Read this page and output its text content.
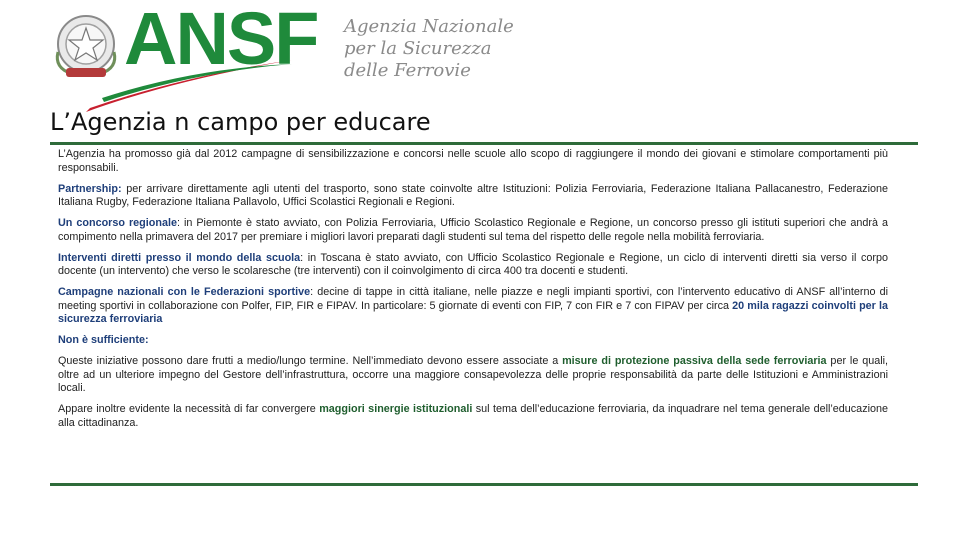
ANSF Agenzia Nazionale
per la Sicurezza
delle Ferrovie
L’Agenzia n campo per educare

L’Agenzia ha promosso già dal 2012 campagne di sensibilizzazione e concorsi nelle scuole allo scopo di raggiungere il mondo dei giovani e stimolare comportamenti più responsabili.

Partnership: per arrivare direttamente agli utenti del trasporto, sono state coinvolte altre Istituzioni: Polizia Ferroviaria, Federazione Italiana Pallacanestro, Federazione Italiana Rugby, Federazione Italiana Pallavolo, Uffici Scolastici Regionali e Regioni.

Un concorso regionale: in Piemonte è stato avviato, con Polizia Ferroviaria, Ufficio Scolastico Regionale e Regione, un concorso presso gli istituti superiori che andrà a compimento nella primavera del 2017 per premiare i migliori lavori preparati dagli studenti sul tema del rispetto delle regole nella mobilità ferroviaria.

Interventi diretti presso il mondo della scuola: in Toscana è stato avviato, con Ufficio Scolastico Regionale e Regione, un ciclo di interventi diretti sia verso il corpo docente (un intervento) che verso le scolaresche (tre interventi) con il coinvolgimento di circa 400 tra docenti e studenti.

Campagne nazionali con le Federazioni sportive: decine di tappe in città italiane, nelle piazze e negli impianti sportivi, con l’intervento educativo di ANSF all’interno di meeting sportivi in collaborazione con Polfer, FIP, FIR e FIPAV. In particolare: 5 giornate di eventi con FIP, 7 con FIR e 7 con FIPAV per circa 20 mila ragazzi coinvolti per la sicurezza ferroviaria

Non è sufficiente:

Queste iniziative possono dare frutti a medio/lungo termine. Nell’immediato devono essere associate a misure di protezione passiva della sede ferroviaria per le quali, oltre ad un ulteriore impegno del Gestore dell’infrastruttura, occorre una maggiore consapevolezza delle proprie responsabilità da parte delle Istituzioni e Amministrazioni locali.

Appare inoltre evidente la necessità di far convergere maggiori sinergie istituzionali sul tema dell’educazione ferroviaria, da inquadrare nel tema generale dell’educazione alla cittadinanza.
